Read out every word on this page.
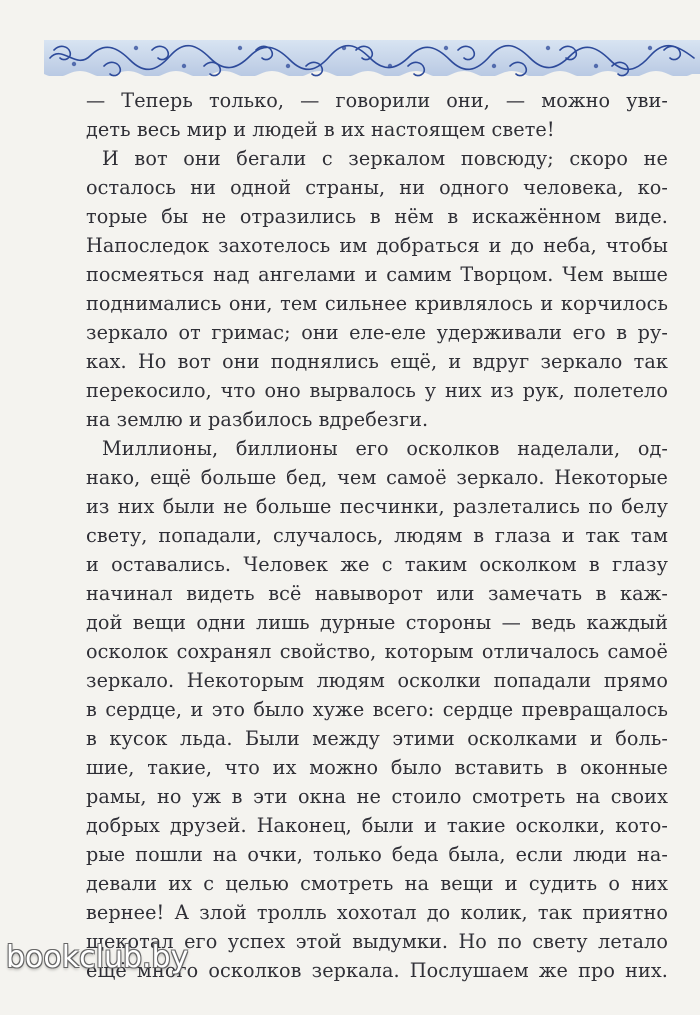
— Теперь только, — говорили они, — можно уви-
деть весь мир и людей в их настоящем свете!
И вот они бегали с зеркалом повсюду; скоро не
осталось ни одной страны, ни одного человека, ко-
торые бы не отразились в нём в искажённом виде.
Напоследок захотелось им добраться и до неба, чтобы
посмеяться над ангелами и самим Творцом. Чем выше
поднимались они, тем сильнее кривлялось и корчилось
зеркало от гримас; они еле-еле удерживали его в ру-
ках. Но вот они поднялись ещё, и вдруг зеркало так
перекосило, что оно вырвалось у них из рук, полетело
на землю и разбилось вдребезги.
Миллионы, биллионы его осколков наделали, од-
нако, ещё больше бед, чем самоё зеркало. Некоторые
из них были не больше песчинки, разлетались по белу
свету, попадали, случалось, людям в глаза и так там
и оставались. Человек же с таким осколком в глазу
начинал видеть всё навыворот или замечать в каж-
дой вещи одни лишь дурные стороны — ведь каждый
осколок сохранял свойство, которым отличалось самоё
зеркало. Некоторым людям осколки попадали прямо
в сердце, и это было хуже всего: сердце превращалось
в кусок льда. Были между этими осколками и боль-
шие, такие, что их можно было вставить в оконные
рамы, но уж в эти окна не стоило смотреть на своих
добрых друзей. Наконец, были и такие осколки, кото-
рые пошли на очки, только беда была, если люди на-
девали их с целью смотреть на вещи и судить о них
вернее! А злой тролль хохотал до колик, так приятно
щекотал его успех этой выдумки. Но по свету летало
ещё много осколков зеркала. Послушаем же про них.
bookclub.by
